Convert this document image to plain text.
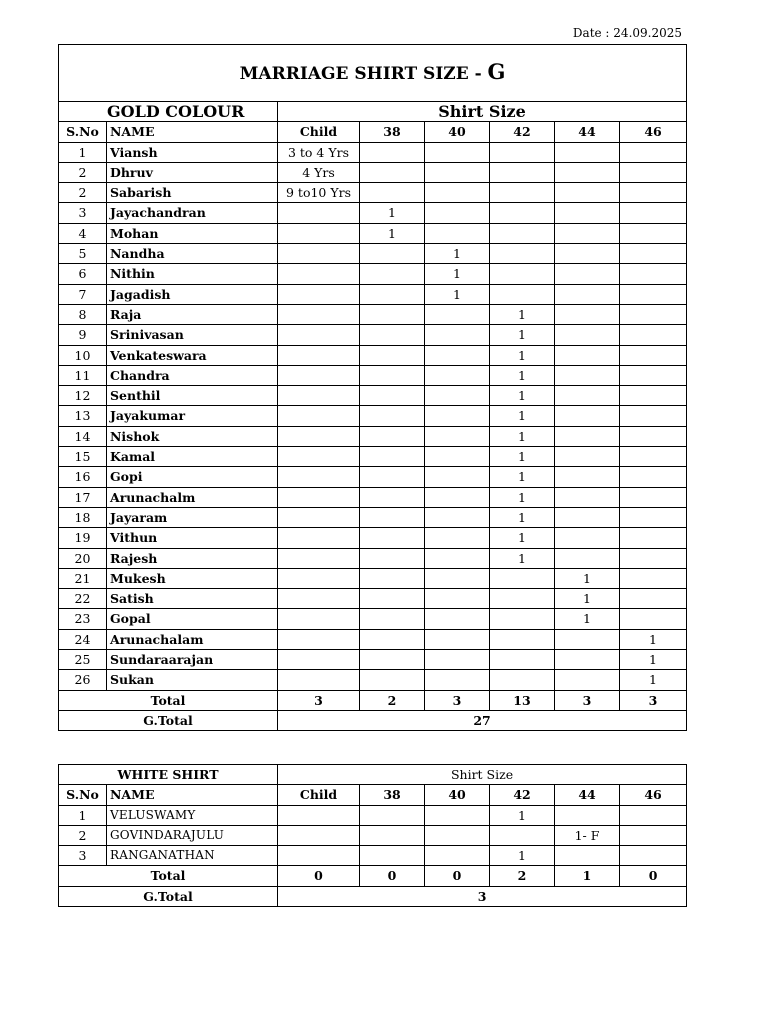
Date : 24.09.2025
MARRIAGE SHIRT SIZE - G							
GOLD COLOUR		Shirt Size					
S.No	NAME	Child	38	40	42	44	46
1	Viansh	3 to 4 Yrs					
2	Dhruv	4 Yrs					
2	Sabarish	9 to10 Yrs					
3	Jayachandran		1				
4	Mohan		1				
5	Nandha			1			
6	Nithin			1			
7	Jagadish			1			
8	Raja				1		
9	Srinivasan				1		
10	Venkateswara				1		
11	Chandra				1		
12	Senthil				1		
13	Jayakumar				1		
14	Nishok				1		
15	Kamal				1		
16	Gopi				1		
17	Arunachalm				1		
18	Jayaram				1		
19	Vithun				1		
20	Rajesh				1		
21	Mukesh					1	
22	Satish					1	
23	Gopal					1	
24	Arunachalam						1
25	Sundaraarajan						1
26	Sukan						1
Total		3	2	3	13	3	3
G.Total		27					
WHITE SHIRT		Shirt Size					
S.No	NAME	Child	38	40	42	44	46
1	VELUSWAMY				1		
2	GOVINDARAJULU					1- F	
3	RANGANATHAN				1		
Total		0	0	0	2	1	0
G.Total		3					
